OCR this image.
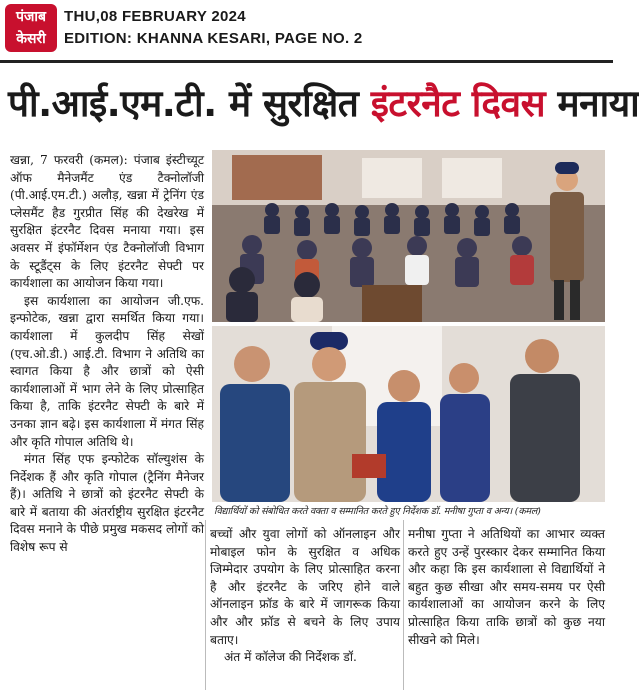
पंजाब
केसरी
THU,08 FEBRUARY 2024
EDITION: KHANNA KESARI, PAGE NO. 2
पी.आई.एम.टी. में सुरक्षित इंटरनैट दिवस मनाया

खन्ना, 7 फरवरी (कमल): पंजाब इंस्टीच्यूट ऑफ मैनेजमैंट एंड टैक्नोलॉजी (पी.आई.एम.टी.) अलौड़, खन्ना में ट्रेनिंग एंड प्लेसमैंट हैड गुरप्रीत सिंह की देखरेख में सुरक्षित इंटरनैट दिवस मनाया गया। इस अवसर में इंफॉर्मेशन एंड टैक्नोलॉजी विभाग के स्टूडैंट्स के लिए इंटरनैट सेफ्टी पर कार्यशाला का आयोजन किया गया।

इस कार्यशाला का आयोजन जी.एफ. इन्फोटेक, खन्ना द्वारा समर्थित किया गया। कार्यशाला में कुलदीप सिंह सेखों (एच.ओ.डी.) आई.टी. विभाग ने अतिथि का स्वागत किया है और छात्रों को ऐसी कार्यशालाओं में भाग लेने के लिए प्रोत्साहित किया है, ताकि इंटरनैट सेफ्टी के बारे में उनका ज्ञान बढ़े। इस कार्यशाला में मंगत सिंह और कृति गोपाल अतिथि थे।

मंगत सिंह एफ इन्फोटेक सॉल्युशंस के निर्देशक हैं और कृति गोपाल (ट्रैनिंग मैनेजर हैं)। अतिथि ने छात्रों को इंटरनैट सेफ्टी के बारे में बताया की अंतर्राष्ट्रीय सुरक्षित इंटरनैट दिवस मनाने के पीछे प्रमुख मकसद लोगों को विशेष रूप से

विद्यार्थियों को संबोधित करते वक्ता व सम्मानित करते हुए निर्देशक डॉ. मनीषा गुप्ता व अन्य। (कमल)

बच्चों और युवा लोगों को ऑनलाइन और मोबाइल फोन के सुरक्षित व अधिक जिम्मेदार उपयोग के लिए प्रोत्साहित करना है और इंटरनैट के जरिए होने वाले ऑनलाइन फ्रॉड के बारे में जागरूक किया और और फ्रॉड से बचने के लिए उपाय बताए।

अंत में कॉलेज की निर्देशक डॉ.

मनीषा गुप्ता ने अतिथियों का आभार व्यक्त करते हुए उन्हें पुरस्कार देकर सम्मानित किया और कहा कि इस कार्यशाला से विद्यार्थियों ने बहुत कुछ सीखा और समय-समय पर ऐसी कार्यशालाओं का आयोजन करने के लिए प्रोत्साहित किया ताकि छात्रों को कुछ नया सीखने को मिले।
